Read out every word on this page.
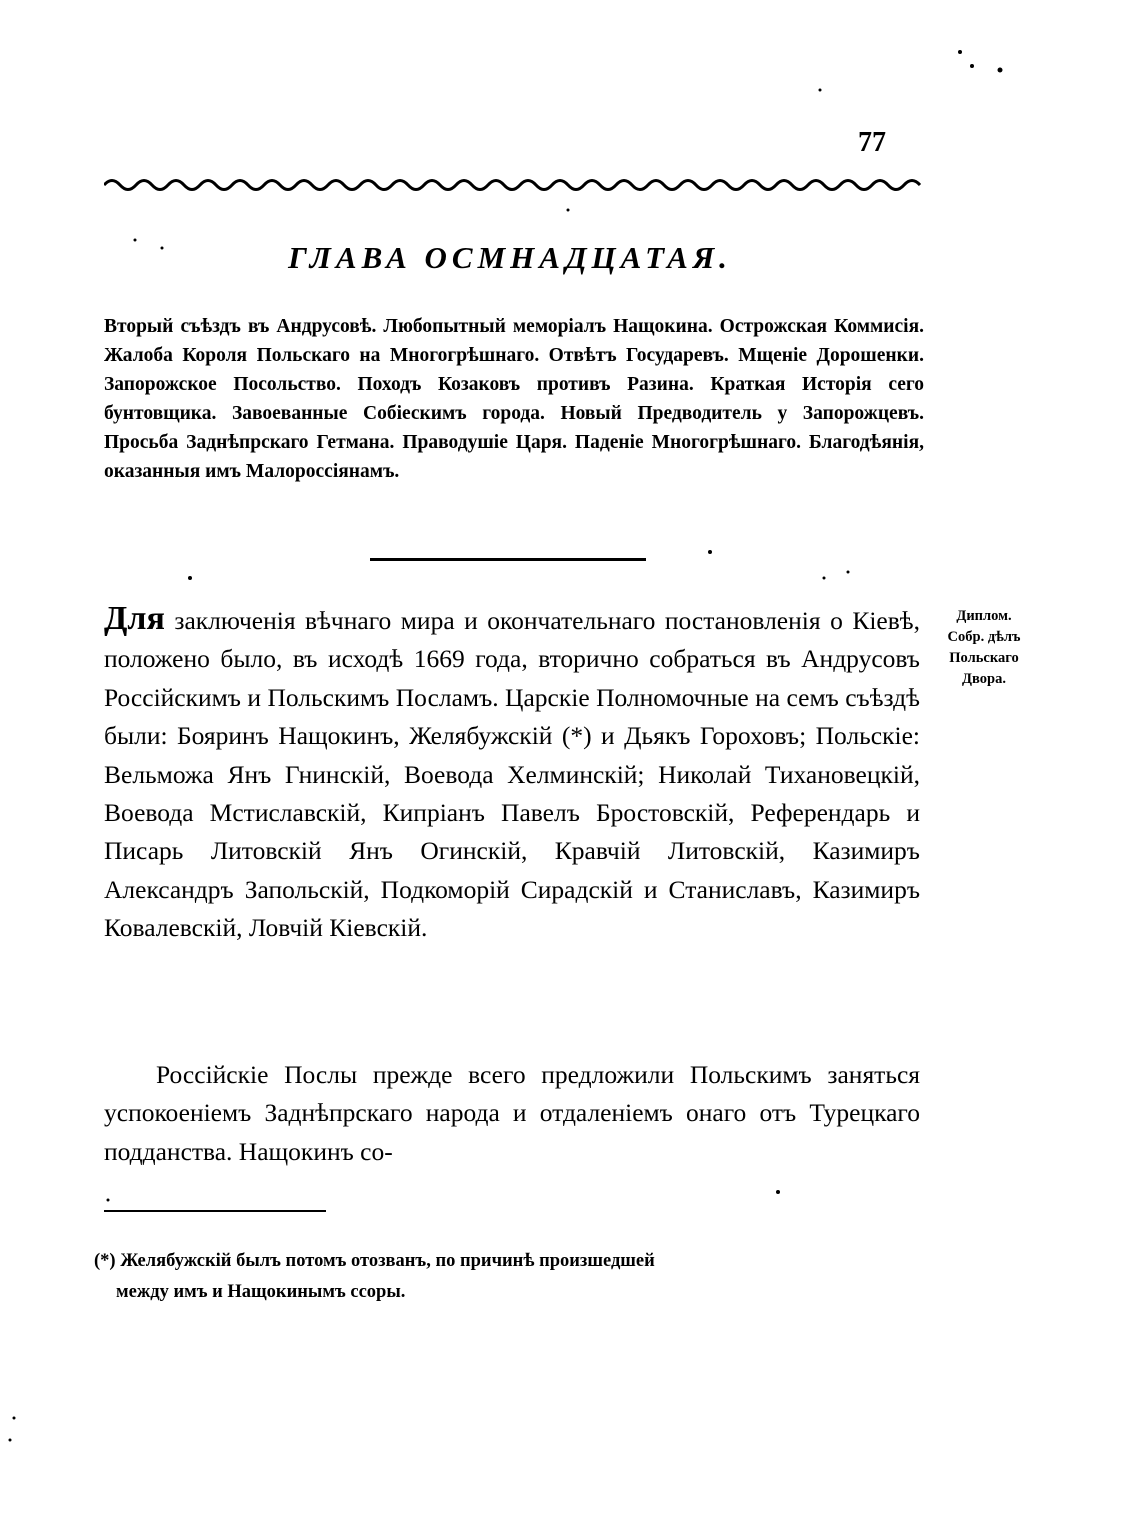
77
ГЛАВА ОСМНАДЦАТАЯ.
Вторый съѣздъ въ Андрусовѣ. Любопытный меморіалъ Нащокина. Острожская Коммисія. Жалоба Короля Польскаго на Многогрѣшнаго. Отвѣтъ Государевъ. Мщеніе Дорошенки. Запорожское Посольство. Походъ Козаковъ противъ Разина. Краткая Исторія сего бунтовщика. Завоеванные Собіескимъ города. Новый Предводитель у Запорожцевъ. Просьба Заднѣпрскаго Гетмана. Праводушіе Царя. Паденіе Многогрѣшнаго. Благодѣянія, оказанныя имъ Малороссіянамъ.
Для заключенія вѣчнаго мира и окончательнаго постановленія о Кіевѣ, положено было, въ исходѣ 1669 года, вторично собраться въ Андрусовъ Россійскимъ и Польскимъ Посламъ. Царскіе Полномочные на семъ съѣздѣ были: Бояринъ Нащокинъ, Желябужскій (*) и Дьякъ Гороховъ; Польскіе: Вельможа Янъ Гнинскій, Воевода Хелминскій; Николай Тихановецкій, Воевода Мстиславскій, Кипріанъ Павелъ Бростовскій, Референдарь и Писарь Литовскій Янъ Огинскій, Кравчій Литовскій, Казимиръ Александръ Запольскій, Подкоморій Сирадскій и Станиславъ, Казимиръ Ковалевскій, Ловчій Кіевскій.
Диплом.
Собр. дѣлъ
Польскаго
Двора.
Россійскіе Послы прежде всего предложили Польскимъ заняться успокоеніемъ Заднѣпрскаго народа и отдаленіемъ онаго отъ Турецкаго подданства. Нащокинъ со-
(*) Желябужскій былъ потомъ отозванъ, по причинѣ произшедшей
между имъ и Нащокинымъ ссоры.
